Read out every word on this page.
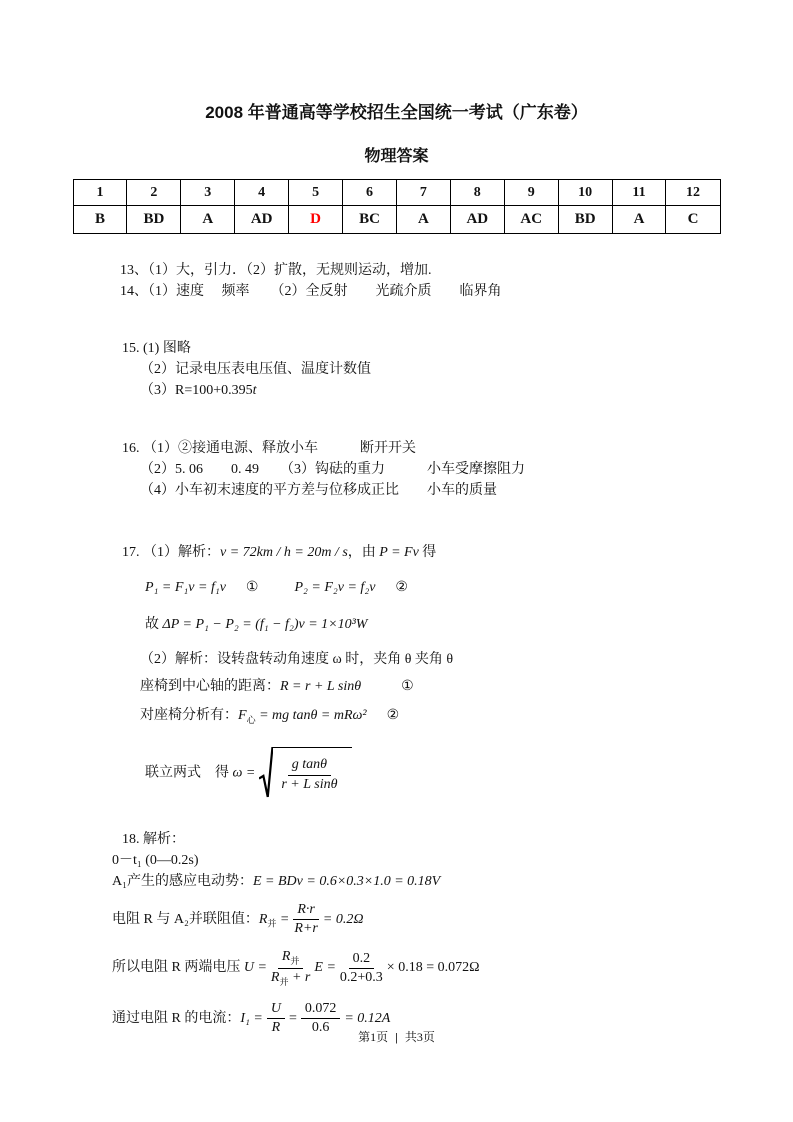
2008 年普通高等学校招生全国统一考试（广东卷）
物理答案
1	2	3	4	5	6	7	8	9	10	11	12
B	BD	A	AD	D	BC	A	AD	AC	BD	A	C

13、（1）大，引力．（2）扩散，无规则运动，增加.

14、（1）速度　 频率　　（2）全反射　　光疏介质　　临界角

15. (1) 图略

（2）记录电压表电压值、温度计数值

（3）R=100+0.395t

16. （1）②接通电源、释放小车　　　断开开关

（2）5. 06　　0. 49　　（3）钩砝的重力　　　小车受摩擦阻力

（4）小车初末速度的平方差与位移成正比　　小车的质量

17. （1）解析：v = 72km / h = 20m / s，由 P = Fv 得

P₁ = F₁v = f₁v ①	P₂ = F₂v = f₂v ②

故 ΔP = P₁ − P₂ = (f₁ − f₂)v = 1×10³W

（2）解析：设转盘转动角速度 ω 时，夹角 θ 夹角 θ

座椅到中心轴的距离：R = r + L sinθ	①

对座椅分析有：$F_心$ = mg tanθ = mRω² ②

联立两式　得 $\omega = \frac{\text{g tanθ}}{\text{r + L sinθ}}$

18. 解析：

0－t₁ (0—0.2s)

A₁产生的感应电动势：E = BDv = 0.6×0.3×1.0 = 0.18V

电阻 R 与 A₂并联阻值：$R_并 = \frac{R\cdot r}{R+r} = 0.2\Omega$

所以电阻 R 两端电压 $U = \frac{R_并}{R_并 + r}$ $E = \frac{0.2}{0.2+0.3} \times 0.18 = 0.072\Omega$

通过电阻 R 的电流：$I_1 = \frac{U}{R} = \frac{0.072}{0.6} = 0.12A$

第1页 | 共3页
